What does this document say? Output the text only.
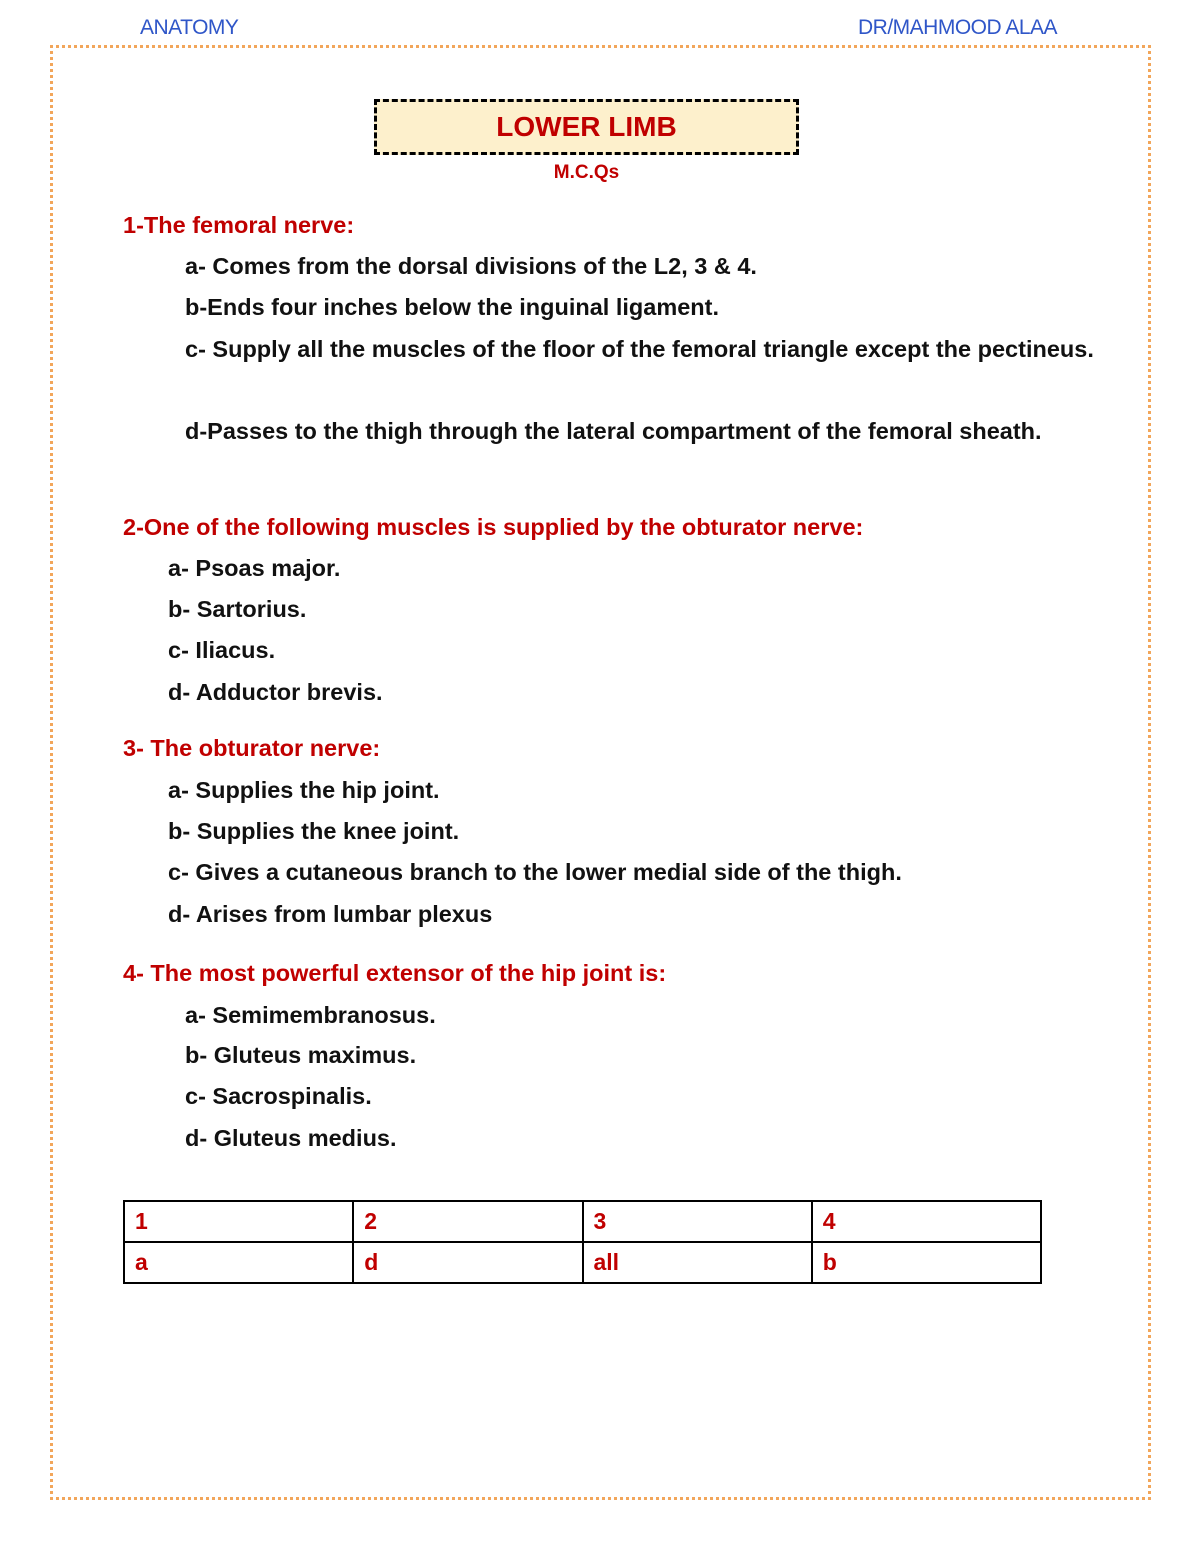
ANATOMY	DR/MAHMOOD ALAA
LOWER LIMB
M.C.Qs
1-The femoral nerve:
a- Comes from the dorsal divisions of the L2, 3 & 4.
b-Ends four inches below the inguinal ligament.
c- Supply all the muscles of the floor of the femoral triangle except the pectineus.
d-Passes to the thigh through the lateral compartment of the femoral sheath.
2-One of the following muscles is supplied by the obturator nerve:
a- Psoas major.
b- Sartorius.
c- Iliacus.
d- Adductor brevis.
3- The obturator nerve:
a- Supplies the hip joint.
b- Supplies the knee joint.
c- Gives a cutaneous branch to the lower medial side of the thigh.
d- Arises from lumbar plexus
4- The most powerful extensor of the hip joint is:
a- Semimembranosus.
b- Gluteus maximus.
c- Sacrospinalis.
d- Gluteus medius.
1	2	3	4
a	d	all	b
